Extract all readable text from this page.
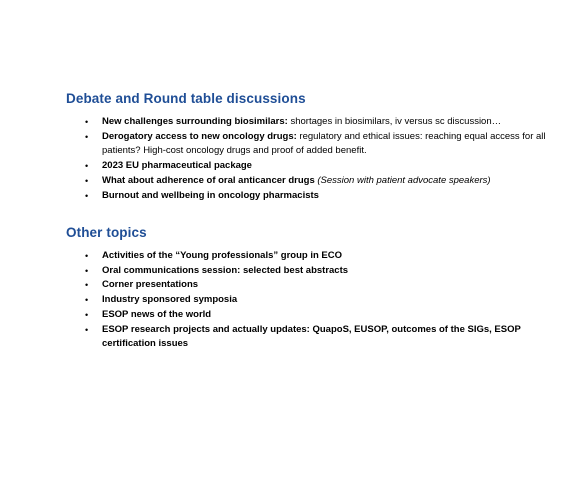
Debate and Round table discussions
• New challenges surrounding biosimilars: shortages in biosimilars, iv versus sc discussion…
• Derogatory access to new oncology drugs: regulatory and ethical issues: reaching equal access for all patients? High-cost oncology drugs and proof of added benefit.
• 2023 EU pharmaceutical package
• What about adherence of oral anticancer drugs (Session with patient advocate speakers)
• Burnout and wellbeing in oncology pharmacists
Other topics
• Activities of the “Young professionals” group in ECO
• Oral communications session: selected best abstracts
• Corner presentations
• Industry sponsored symposia
• ESOP news of the world
• ESOP research projects and actually updates: QuapoS, EUSOP, outcomes of the SIGs, ESOP certification issues
